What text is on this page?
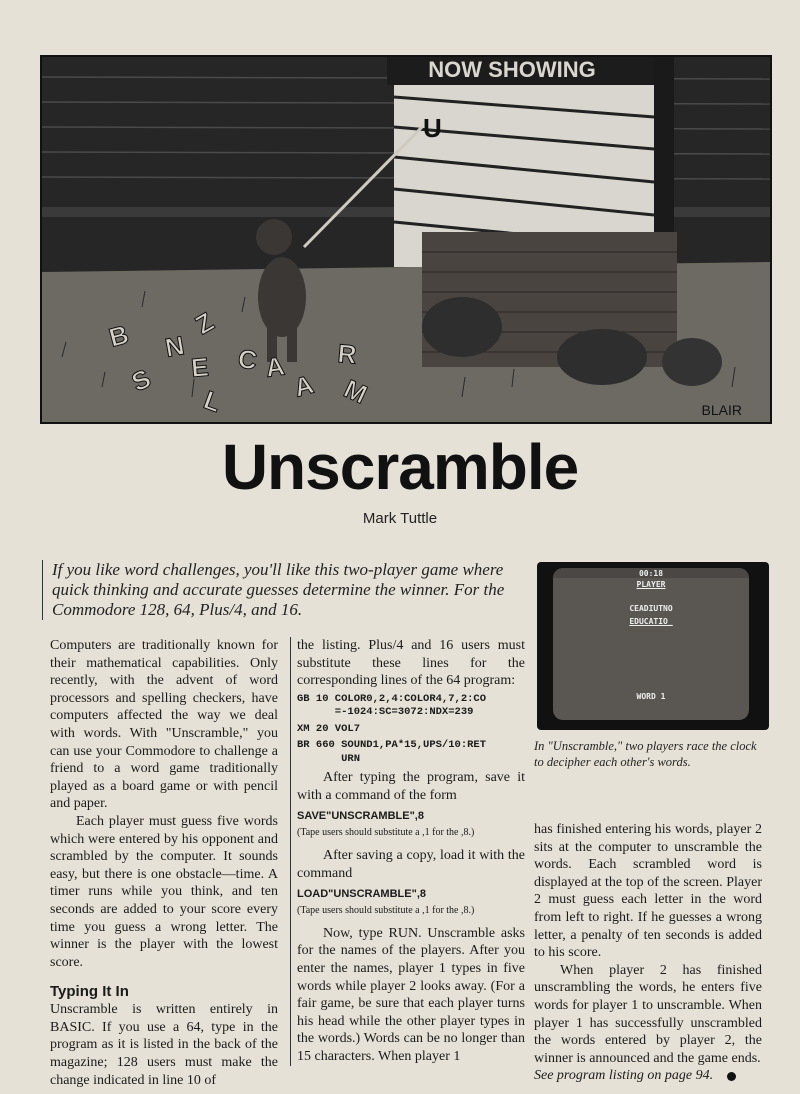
NOW SHOWING
U
B
S
N
Z
E C
L
A R
A M
BLAIR
Unscramble
Mark Tuttle
If you like word challenges, you'll like this two-player game where quick thinking and accurate guesses determine the winner. For the Commodore 128, 64, Plus/4, and 16.

Computers are traditionally known for their mathematical capabilities. Only recently, with the advent of word processors and spelling checkers, have computers affected the way we deal with words. With "Unscramble," you can use your Commodore to challenge a friend to a word game traditionally played as a board game or with pencil and paper.

Each player must guess five words which were entered by his opponent and scrambled by the computer. It sounds easy, but there is one obstacle—time. A timer runs while you think, and ten seconds are added to your score every time you guess a wrong letter. The winner is the player with the lowest score.

Typing It In

Unscramble is written entirely in BASIC. If you use a 64, type in the program as it is listed in the back of the magazine; 128 users must make the change indicated in line 10 of

the listing. Plus/4 and 16 users must substitute these lines for the corresponding lines of the 64 program:

GB 10 COLOR0,2,4:COLOR4,7,2:CO
=-1024:SC=3072:NDX=239

XM 20 VOL7

BR 660 SOUND1,PA*15,UPS/10:RET
URN

After typing the program, save it with a command of the form

SAVE"UNSCRAMBLE",8

(Tape users should substitute a ,1 for the ,8.)

After saving a copy, load it with the command

LOAD"UNSCRAMBLE",8

(Tape users should substitute a ,1 for the ,8.)

Now, type RUN. Unscramble asks for the names of the players. After you enter the names, player 1 types in five words while player 2 looks away. (For a fair game, be sure that each player turns his head while the other player types in the words.) Words can be no longer than 15 characters. When player 1

00:18
PLAYER
CEADIUTNO
EDUCATIO_
WORD 1
In "Unscramble," two players race the clock to decipher each other's words.

has finished entering his words, player 2 sits at the computer to unscramble the words. Each scrambled word is displayed at the top of the screen. Player 2 must guess each letter in the word from left to right. If he guesses a wrong letter, a penalty of ten seconds is added to his score.

When player 2 has finished unscrambling the words, he enters five words for player 1 to unscramble. When player 1 has successfully unscrambled the words entered by player 2, the winner is announced and the game ends.

See program listing on page 94.
